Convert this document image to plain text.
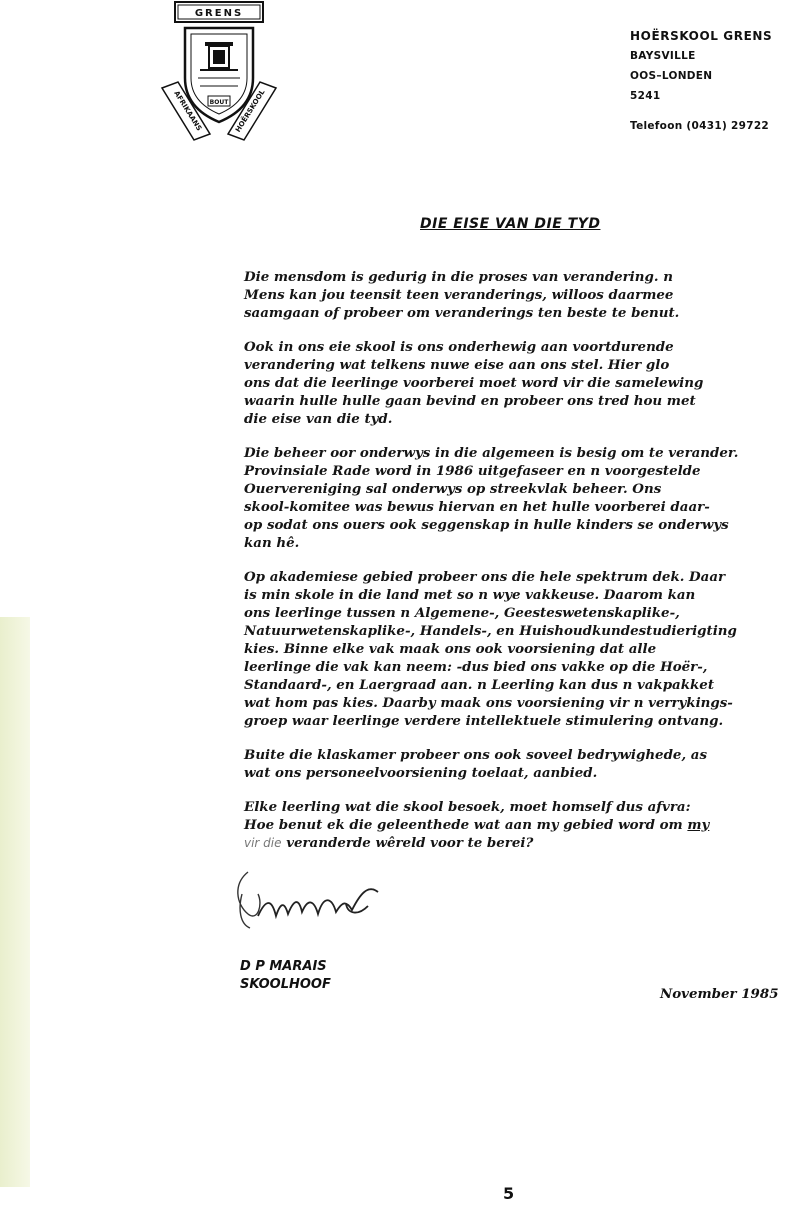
GRENS
BOUT
AFRIKAANS	HOËRSKOOL
HOËRSKOOL GRENS
BAYSVILLE
OOS–LONDEN
5241
Telefoon (0431) 29722
DIE EISE VAN DIE TYD

Die mensdom is gedurig in die proses van verandering. n
Mens kan jou teensit teen veranderings, willoos daarmee
saamgaan of probeer om veranderings ten beste te benut.

Ook in ons eie skool is ons onderhewig aan voortdurende
verandering wat telkens nuwe eise aan ons stel. Hier glo
ons dat die leerlinge voorberei moet word vir die samelewing
waarin hulle hulle gaan bevind en probeer ons tred hou met
die eise van die tyd.

Die beheer oor onderwys in die algemeen is besig om te verander.
Provinsiale Rade word in 1986 uitgefaseer en n voorgestelde
Ouervereniging sal onderwys op streekvlak beheer. Ons
skool-komitee was bewus hiervan en het hulle voorberei daar-
op sodat ons ouers ook seggenskap in hulle kinders se onderwys
kan hê.

Op akademiese gebied probeer ons die hele spektrum dek. Daar
is min skole in die land met so n wye vakkeuse. Daarom kan
ons leerlinge tussen n Algemene-, Geesteswetenskaplike-,
Natuurwetenskaplike-, Handels-, en Huishoudkundestudierigting
kies. Binne elke vak maak ons ook voorsiening dat alle
leerlinge die vak kan neem: -dus bied ons vakke op die Hoër-,
Standaard-, en Laergraad aan. n Leerling kan dus n vakpakket
wat hom pas kies. Daarby maak ons voorsiening vir n verrykings-
groep waar leerlinge verdere intellektuele stimulering ontvang.

Buite die klaskamer probeer ons ook soveel bedrywighede, as
wat ons personeelvoorsiening toelaat, aanbied.

Elke leerling wat die skool besoek, moet homself dus afvra:
Hoe benut ek die geleenthede wat aan my gebied word om my
vir die veranderde wêreld voor te berei?

DuMarais
D P MARAIS
SKOOLHOOF
November 1985
5
